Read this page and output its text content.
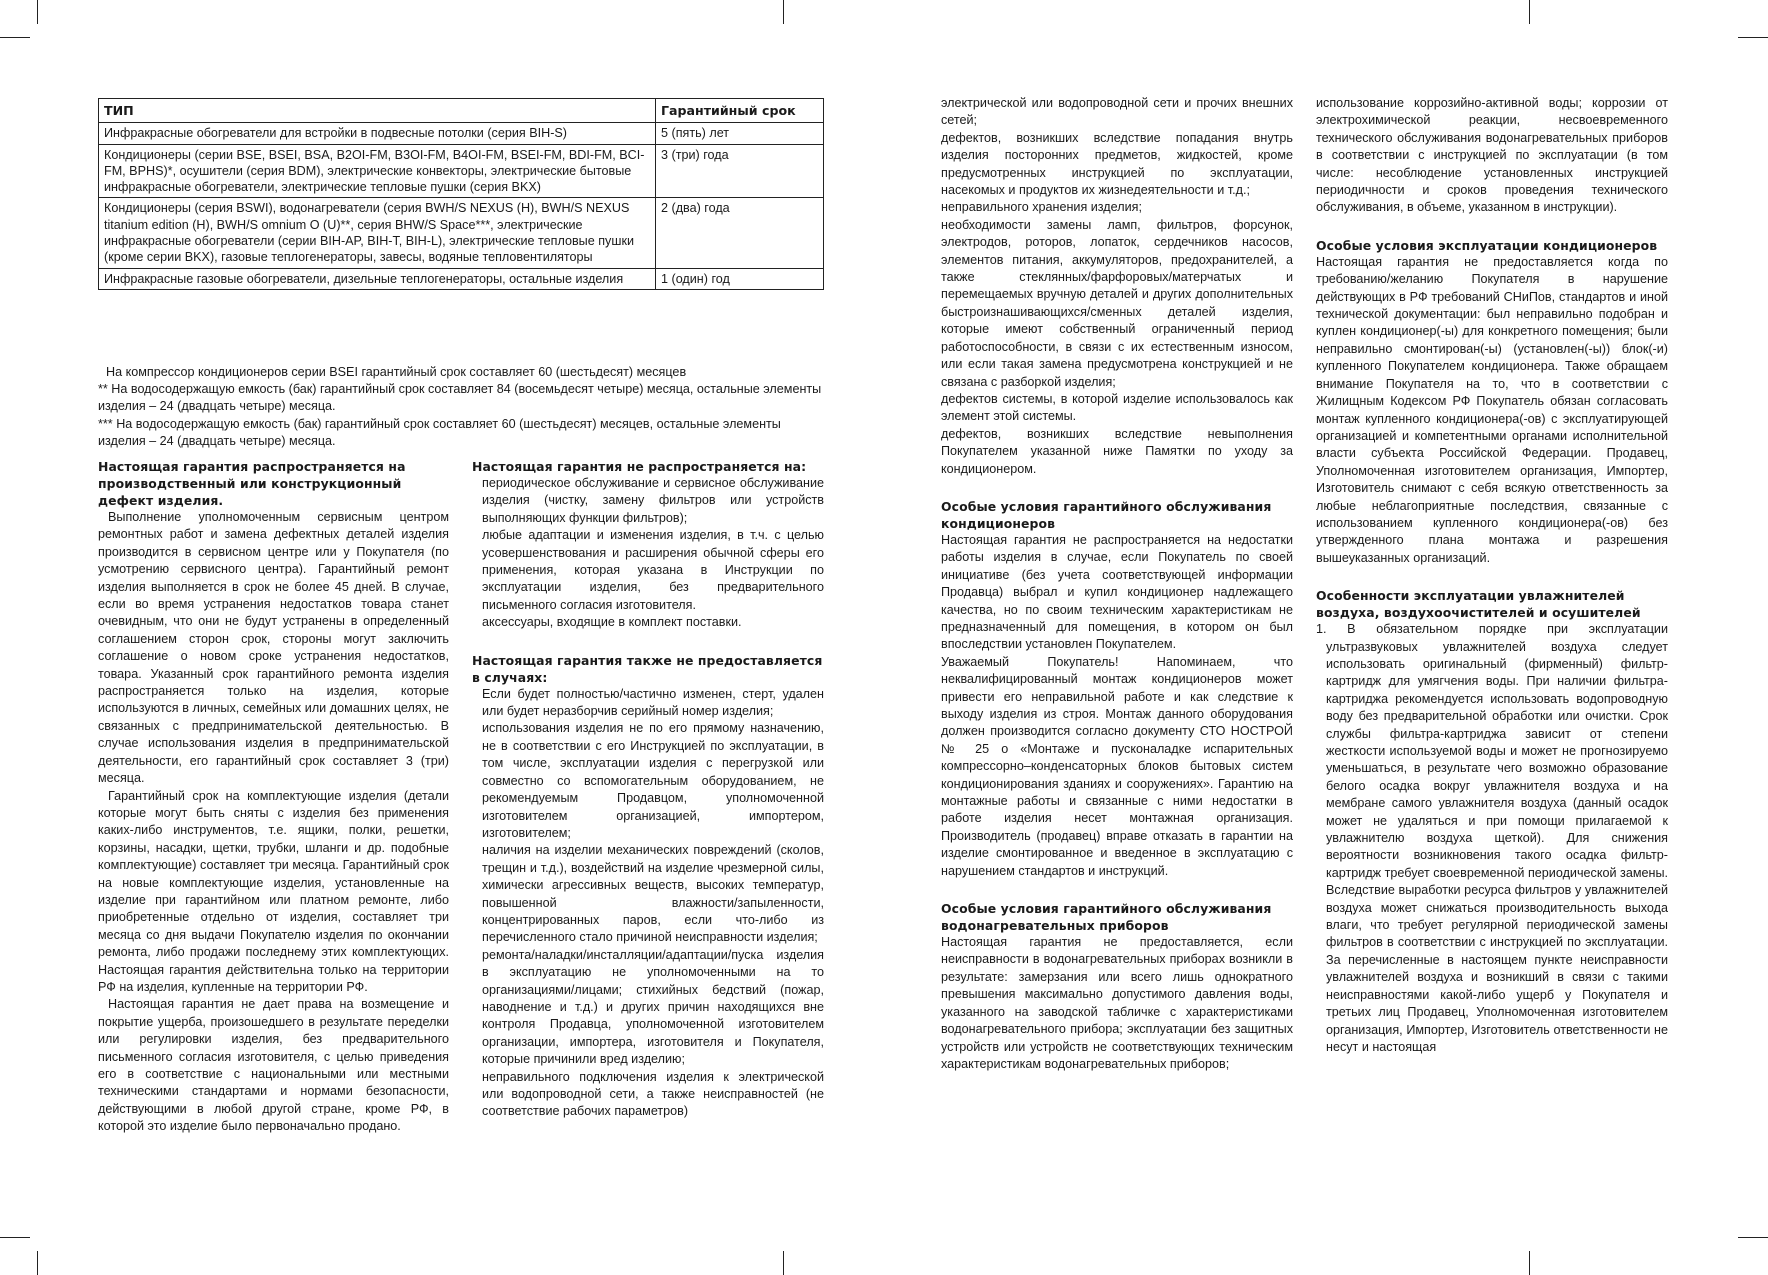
ТИП	Гарантийный срок
Инфракрасные обогреватели для встройки в подвесные потолки (серия BIH-S)	5 (пять) лет
Кондиционеры (серии BSE, BSEI, BSA, B2OI-FM, B3OI-FM, B4OI-FM, BSEI-FM, BDI-FM, BCI-FM, BPHS)*, осушители (серия BDM), электрические конвекторы, электрические бытовые инфракрасные обогреватели, электрические тепловые пушки (серия BKX)	3 (три) года
Кондиционеры (серия BSWI), водонагреватели (серия BWH/S NEXUS (H), BWH/S NEXUS titanium edition (H), BWH/S omnium O (U)**, серия BHW/S Space***, электрические инфракрасные обогреватели (серии BIH-AP, BIH-T, BIH-L), электрические тепловые пушки (кроме серии BKX), газовые теплогенераторы, завесы, водяные тепловентиляторы	2 (два) года
Инфракрасные газовые обогреватели, дизельные теплогенераторы, остальные изделия	1 (один) год

На компрессор кондиционеров серии BSEI гарантийный срок составляет 60 (шестьдесят) месяцев

** На водосодержащую емкость (бак) гарантийный срок составляет 84 (восемьдесят четыре) месяца, остальные элементы изделия – 24 (двадцать четыре) месяца.

*** На водосодержащую емкость (бак) гарантийный срок составляет 60 (шестьдесят) месяцев, остальные элементы изделия – 24 (двадцать четыре) месяца.

Настоящая гарантия распространяется на производственный или конструкционный дефект изделия.

Выполнение уполномоченным сервисным центром ремонтных работ и замена дефектных деталей изделия производится в сервисном центре или у Покупателя (по усмотрению сервисного центра). Гарантийный ремонт изделия выполняется в срок не более 45 дней. В случае, если во время устранения недостатков товара станет очевидным, что они не будут устранены в определенный соглашением сторон срок, стороны могут заключить соглашение о новом сроке устранения недостатков, товара. Указанный срок гарантийного ремонта изделия распространяется только на изделия, которые используются в личных, семейных или домашних целях, не связанных с предпринимательской деятельностью. В случае использования изделия в предпринимательской деятельности, его гарантийный срок составляет 3 (три) месяца.

Гарантийный срок на комплектующие изделия (детали которые могут быть сняты с изделия без применения каких-либо инструментов, т.е. ящики, полки, решетки, корзины, насадки, щетки, трубки, шланги и др. подобные комплектующие) составляет три месяца. Гарантийный срок на новые комплектующие изделия, установленные на изделие при гарантийном или платном ремонте, либо приобретенные отдельно от изделия, составляет три месяца со дня выдачи Покупателю изделия по окончании ремонта, либо продажи последнему этих комплектующих. Настоящая гарантия действительна только на территории РФ на изделия, купленные на территории РФ.

Настоящая гарантия не дает права на возмещение и покрытие ущерба, произошедшего в результате переделки или регулировки изделия, без предварительного письменного согласия изготовителя, с целью приведения его в соответствие с национальными или местными техническими стандартами и нормами безопасности, действующими в любой другой стране, кроме РФ, в которой это изделие было первоначально продано.

Настоящая гарантия не распространяется на:

периодическое обслуживание и сервисное обслуживание изделия (чистку, замену фильтров или устройств выполняющих функции фильтров);

любые адаптации и изменения изделия, в т.ч. с целью усовершенствования и расширения обычной сферы его применения, которая указана в Инструкции по эксплуатации изделия, без предварительного письменного согласия изготовителя.

аксессуары, входящие в комплект поставки.

Настоящая гарантия также не предоставляется в случаях:

Если будет полностью/частично изменен, стерт, удален или будет неразборчив серийный номер изделия;

использования изделия не по его прямому назначению, не в соответствии с его Инструкцией по эксплуатации, в том числе, эксплуатации изделия с перегрузкой или совместно со вспомогательным оборудованием, не рекомендуемым Продавцом, уполномоченной изготовителем организацией, импортером, изготовителем;

наличия на изделии механических повреждений (сколов, трещин и т.д.), воздействий на изделие чрезмерной силы, химически агрессивных веществ, высоких температур, повышенной влажности/запыленности, концентрированных паров, если что-либо из перечисленного стало причиной неисправности изделия;

ремонта/наладки/инсталляции/адаптации/пуска изделия в эксплуатацию не уполномоченными на то организациями/лицами; стихийных бедствий (пожар, наводнение и т.д.) и других причин находящихся вне контроля Продавца, уполномоченной изготовителем организации, импортера, изготовителя и Покупателя, которые причинили вред изделию;

неправильного подключения изделия к электрической или водопроводной сети, а также неисправностей (не соответствие рабочих параметров)

электрической или водопроводной сети и прочих внешних сетей;

дефектов, возникших вследствие попадания внутрь изделия посторонних предметов, жидкостей, кроме предусмотренных инструкцией по эксплуатации, насекомых и продуктов их жизнедеятельности и т.д.;

неправильного хранения изделия;

необходимости замены ламп, фильтров, форсунок, электродов, роторов, лопаток, сердечников насосов, элементов питания, аккумуляторов, предохранителей, а также стеклянных/фарфоровых/матерчатых и перемещаемых вручную деталей и других дополнительных быстроизнашивающихся/сменных деталей изделия, которые имеют собственный ограниченный период работоспособности, в связи с их естественным износом, или если такая замена предусмотрена конструкцией и не связана с разборкой изделия;

дефектов системы, в которой изделие использовалось как элемент этой системы.

дефектов, возникших вследствие невыполнения Покупателем указанной ниже Памятки по уходу за кондиционером.

Особые условия гарантийного обслуживания кондиционеров

Настоящая гарантия не распространяется на недостатки работы изделия в случае, если Покупатель по своей инициативе (без учета соответствующей информации Продавца) выбрал и купил кондиционер надлежащего качества, но по своим техническим характеристикам не предназначенный для помещения, в котором он был впоследствии установлен Покупателем.

Уважаемый Покупатель! Напоминаем, что неквалифицированный монтаж кондиционеров может привести его неправильной работе и как следствие к выходу изделия из строя. Монтаж данного оборудования должен производится согласно документу СТО НОСТРОЙ № 25 о «Монтаже и пусконаладке испарительных компрессорно–конденсаторных блоков бытовых систем кондиционирования зданиях и сооружениях». Гарантию на монтажные работы и связанные с ними недостатки в работе изделия несет монтажная организация. Производитель (продавец) вправе отказать в гарантии на изделие смонтированное и введенное в эксплуатацию с нарушением стандартов и инструкций.

Особые условия гарантийного обслуживания водонагревательных приборов

Настоящая гарантия не предоставляется, если неисправности в водонагревательных приборах возникли в результате: замерзания или всего лишь однократного превышения максимально допустимого давления воды, указанного на заводской табличке с характеристиками водонагревательного прибора; эксплуатации без защитных устройств или устройств не соответствующих техническим характеристикам водонагревательных приборов;

использование коррозийно-активной воды; коррозии от электрохимической реакции, несвоевременного технического обслуживания водонагревательных приборов в соответствии с инструкцией по эксплуатации (в том числе: несоблюдение установленных инструкцией периодичности и сроков проведения технического обслуживания, в объеме, указанном в инструкции).

Особые условия эксплуатации кондиционеров

Настоящая гарантия не предоставляется когда по требованию/желанию Покупателя в нарушение действующих в РФ требований СНиПов, стандартов и иной технической документации: был неправильно подобран и куплен кондиционер(-ы) для конкретного помещения; были неправильно смонтирован(-ы) (установлен(-ы)) блок(-и) купленного Покупателем кондиционера. Также обращаем внимание Покупателя на то, что в соответствии с Жилищным Кодексом РФ Покупатель обязан согласовать монтаж купленного кондиционера(-ов) с эксплуатирующей организацией и компетентными органами исполнительной власти субъекта Российской Федерации. Продавец, Уполномоченная изготовителем организация, Импортер, Изготовитель снимают с себя всякую ответственность за любые неблагоприятные последствия, связанные с использованием купленного кондиционера(-ов) без утвержденного плана монтажа и разрешения вышеуказанных организаций.

Особенности эксплуатации увлажнителей воздуха, воздухоочистителей и осушителей

1. В обязательном порядке при эксплуатации ультразвуковых увлажнителей воздуха следует использовать оригинальный (фирменный) фильтр-картридж для умягчения воды. При наличии фильтра-картриджа рекомендуется использовать водопроводную воду без предварительной обработки или очистки. Срок службы фильтра-картриджа зависит от степени жесткости используемой воды и может не прогнозируемо уменьшаться, в результате чего возможно образование белого осадка вокруг увлажнителя воздуха и на мембране самого увлажнителя воздуха (данный осадок может не удаляться и при помощи прилагаемой к увлажнителю воздуха щеткой). Для снижения вероятности возникновения такого осадка фильтр-картридж требует своевременной периодической замены. Вследствие выработки ресурса фильтров у увлажнителей воздуха может снижаться производительность выхода влаги, что требует регулярной периодической замены фильтров в соответствии с инструкцией по эксплуатации. За перечисленные в настоящем пункте неисправности увлажнителей воздуха и возникший в связи с такими неисправностями какой-либо ущерб у Покупателя и третьих лиц Продавец, Уполномоченная изготовителем организация, Импортер, Изготовитель ответственности не несут и настоящая
